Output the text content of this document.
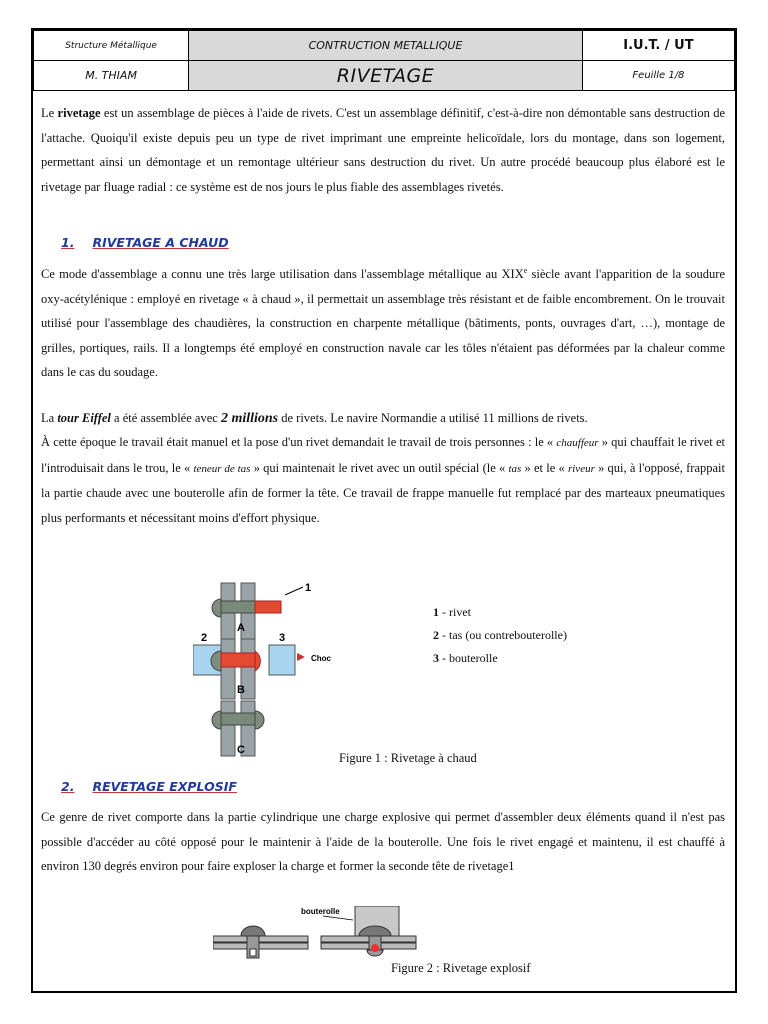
Structure Métallique	CONTRUCTION METALLIQUE	I.U.T. / UT
M. THIAM	RIVETAGE	Feuille 1/8

Le rivetage est un assemblage de pièces à l'aide de rivets. C'est un assemblage définitif, c'est-à-dire non démontable sans destruction de l'attache. Quoiqu'il existe depuis peu un type de rivet imprimant une empreinte helicoïdale, lors du montage, dans son logement, permettant ainsi un démontage et un remontage ultérieur sans destruction du rivet. Un autre procédé beaucoup plus élaboré est le rivetage par fluage radial : ce système est de nos jours le plus fiable des assemblages rivetés.

1. RIVETAGE A CHAUD

Ce mode d'assemblage a connu une très large utilisation dans l'assemblage métallique au XIXe siècle avant l'apparition de la soudure oxy-acétylénique : employé en rivetage « à chaud », il permettait un assemblage très résistant et de faible encombrement. On le trouvait utilisé pour l'assemblage des chaudières, la construction en charpente métallique (bâtiments, ponts, ouvrages d'art, …), montage de grilles, portiques, rails. Il a longtemps été employé en construction navale car les tôles n'étaient pas déformées par la chaleur comme dans le cas du soudage.

La tour Eiffel a été assemblée avec 2 millions de rivets. Le navire Normandie a utilisé 11 millions de rivets.

À cette époque le travail était manuel et la pose d'un rivet demandait le travail de trois personnes : le « chauffeur » qui chauffait le rivet et l'introduisait dans le trou, le « teneur de tas » qui maintenait le rivet avec un outil spécial (le « tas » et le « riveur » qui, à l'opposé, frappait la partie chaude avec une bouterolle afin de former la tête. Ce travail de frappe manuelle fut remplacé par des marteaux pneumatiques plus performants et nécessitant moins d'effort physique.

1
A
2	3
Choc
B
C
1 - rivet
2 - tas (ou contrebouterolle)
3 - bouterolle
Figure 1 : Rivetage à chaud

2. REVETAGE EXPLOSIF

Ce genre de rivet comporte dans la partie cylindrique une charge explosive qui permet d'assembler deux éléments quand il n'est pas possible d'accéder au côté opposé pour le maintenir à l'aide de la bouterolle. Une fois le rivet engagé et maintenu, il est chauffé à environ 130 degrés environ pour faire exploser la charge et former la seconde tête de rivetage1

bouterolle
Figure 2 : Rivetage explosif
